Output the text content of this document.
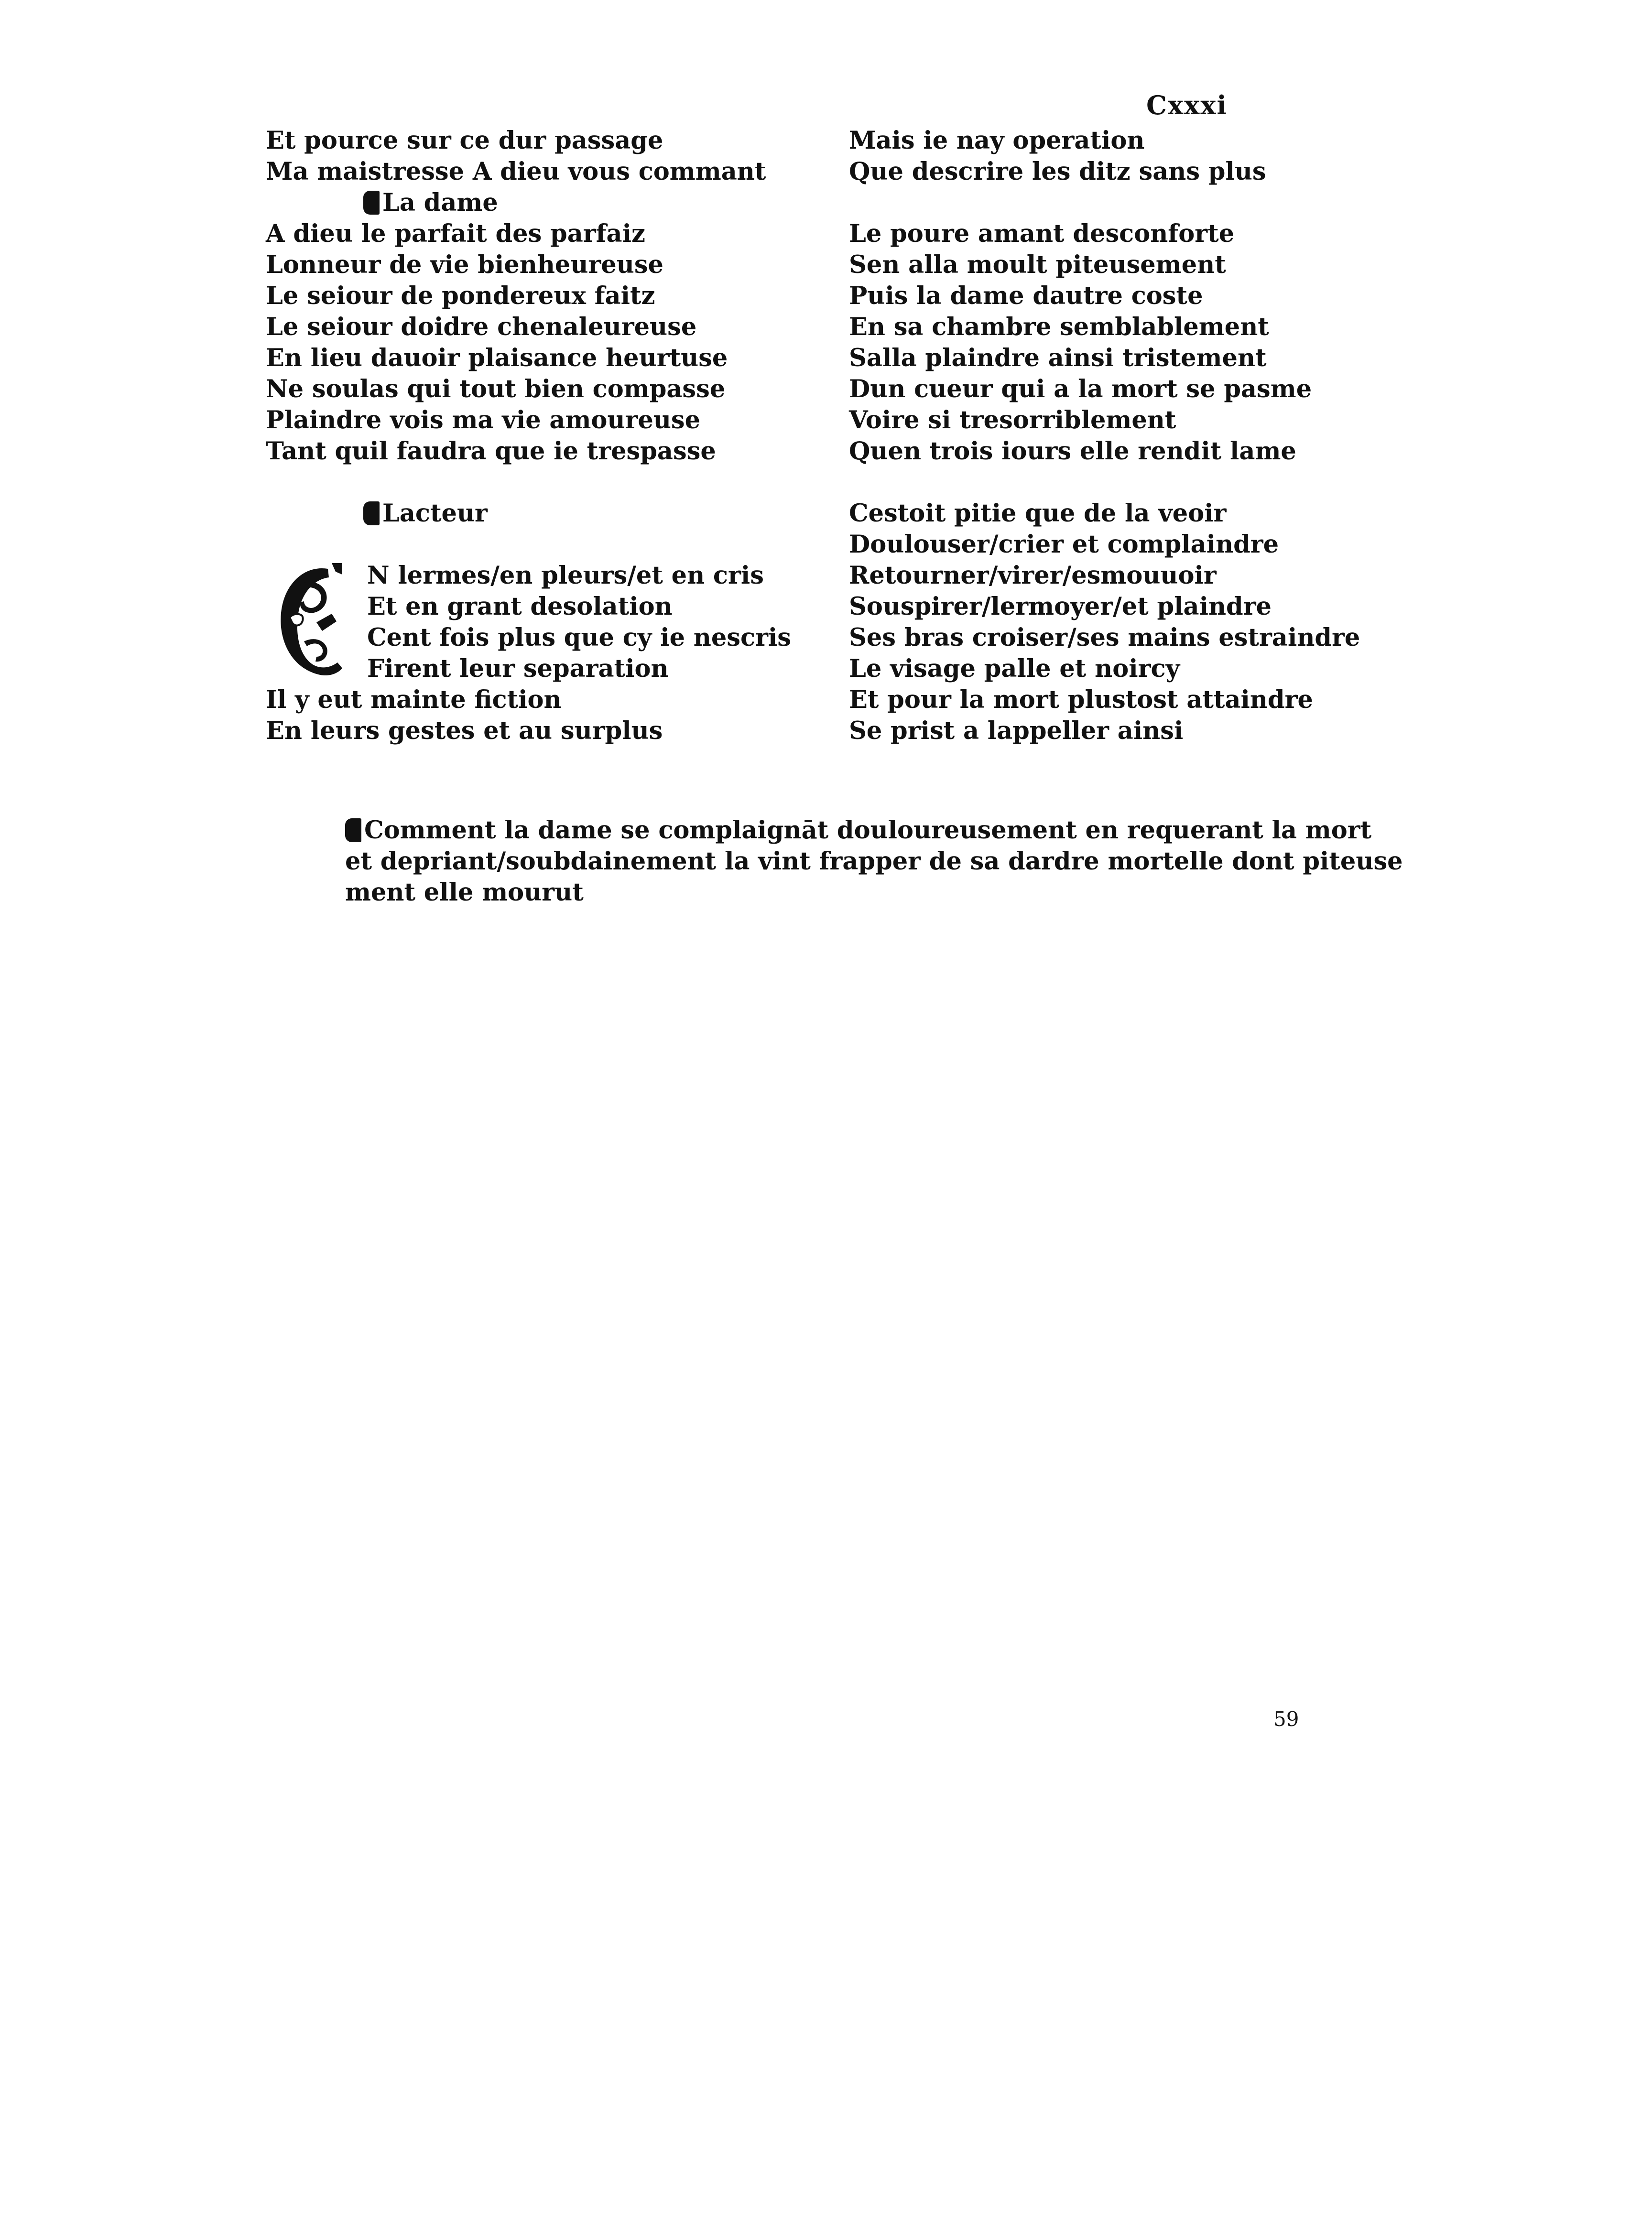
Cxxxi
Et pource sur ce dur passage
Ma maistresse A dieu vous commant
La dame
A dieu le parfait des parfaiz
Lonneur de vie bienheureuse
Le seiour de pondereux faitz
Le seiour doidre chenaleureuse
En lieu dauoir plaisance heurtuse
Ne soulas qui tout bien compasse
Plaindre vois ma vie amoureuse
Tant quil faudra que ie trespasse
Lacteur
N lermes/en pleurs/et en cris
Et en grant desolation
Cent fois plus que cy ie nescris
Firent leur separation
Il y eut mainte fiction
En leurs gestes et au surplus
Mais ie nay operation
Que descrire les ditz sans plus
Le poure amant desconforte
Sen alla moult piteusement
Puis la dame dautre coste
En sa chambre semblablement
Salla plaindre ainsi tristement
Dun cueur qui a la mort se pasme
Voire si tresorriblement
Quen trois iours elle rendit lame
Cestoit pitie que de la veoir
Doulouser/crier et complaindre
Retourner/virer/esmouuoir
Souspirer/lermoyer/et plaindre
Ses bras croiser/ses mains estraindre
Le visage palle et noircy
Et pour la mort plustost attaindre
Se prist a lappeller ainsi
Comment la dame se complaignāt doulourеusement en requerant la mort
et depriant/soubdainement la vint frapper de sa dardre mortelle dont piteuse
ment elle mourut
59
